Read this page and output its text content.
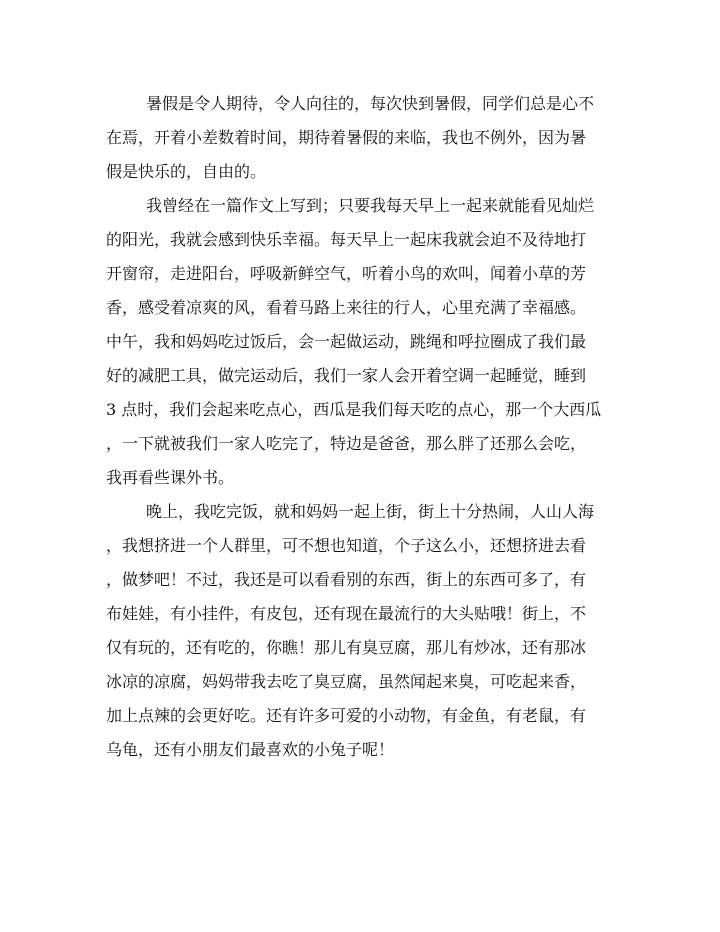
暑假是令人期待，令人向往的，每次快到暑假，同学们总是心不
在焉，开着小差数着时间，期待着暑假的来临，我也不例外，因为暑
假是快乐的，自由的。
我曾经在一篇作文上写到；只要我每天早上一起来就能看见灿烂
的阳光，我就会感到快乐幸福。每天早上一起床我就会迫不及待地打
开窗帘，走进阳台，呼吸新鲜空气，听着小鸟的欢叫，闻着小草的芳
香，感受着凉爽的风，看着马路上来往的行人，心里充满了幸福感。
中午，我和妈妈吃过饭后，会一起做运动，跳绳和呼拉圈成了我们最
好的减肥工具，做完运动后，我们一家人会开着空调一起睡觉，睡到
3 点时，我们会起来吃点心，西瓜是我们每天吃的点心，那一个大西瓜
，一下就被我们一家人吃完了，特边是爸爸，那么胖了还那么会吃，
我再看些课外书。
晚上，我吃完饭，就和妈妈一起上街，街上十分热闹，人山人海
，我想挤进一个人群里，可不想也知道，个子这么小，还想挤进去看
，做梦吧！不过，我还是可以看看别的东西，街上的东西可多了，有
布娃娃，有小挂件，有皮包，还有现在最流行的大头贴哦！街上，不
仅有玩的，还有吃的，你瞧！那儿有臭豆腐，那儿有炒冰，还有那冰
冰凉的凉腐，妈妈带我去吃了臭豆腐，虽然闻起来臭，可吃起来香，
加上点辣的会更好吃。还有许多可爱的小动物，有金鱼，有老鼠，有
乌龟，还有小朋友们最喜欢的小兔子呢！
